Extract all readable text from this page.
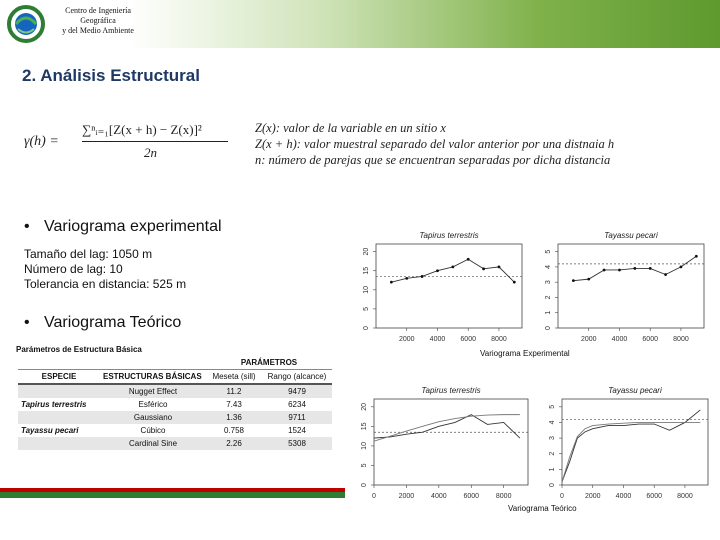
Centro de Ingeniería
Geográfica
y del Medio Ambiente
2. Análisis Estructural
γ(h) =
∑ⁿᵢ₌₁[Z(x + h) − Z(x)]²
2n
Z(x): valor de la variable en un sitio x
Z(x + h): valor muestral separado del valor anterior por una distnaia h
n: número de parejas que se encuentran separadas por dicha distancia
• Variograma experimental
Tamaño del lag: 1050 m
Número de lag: 10
Tolerancia en distancia: 525 m
• Variograma Teórico
Parámetros de Estructura Básica
		PARÁMETROS	
ESPECIE	ESTRUCTURAS BÁSICAS	Meseta (sill)	Rango (alcance)
	Nugget Effect	11.2	9479
Tapirus terrestris	Esférico	7.43	6234
	Gaussiano	1.36	9711
Tayassu pecari	Cúbico	0.758	1524
	Cardinal Sine	2.26	5308
Tapirus terrestris
2000 4000 6000 8000
0
5
10
15
20
Tayassu pecari
2000 4000 6000 8000
0
1
2
3
4
5
Variograma Experimental
Tapirus terrestris
0	2000 4000 6000 8000
0
5
10
15
20
Tayassu pecari
0	2000 4000 6000 8000
0
1
2
3
4
5
Variograma Teórico
